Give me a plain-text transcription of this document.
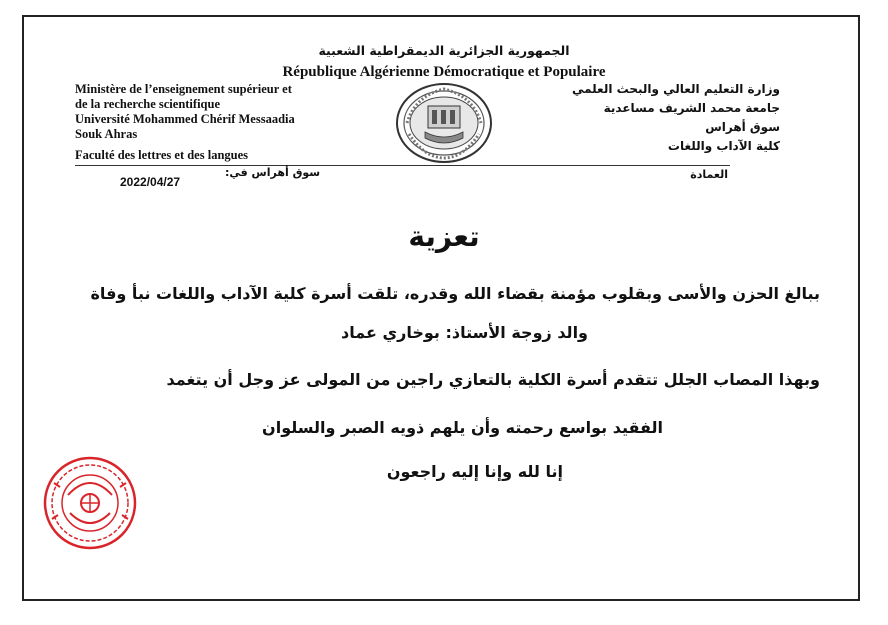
الجمهورية الجزائرية الديمقراطية الشعبية
République Algérienne Démocratique et Populaire
Ministère de l’enseignement supérieur et
de la recherche scientifique
Université Mohammed Chérif Messaadia
Souk Ahras
Faculté des lettres et des langues
وزارة التعليم العالي والبحث العلمي
جامعة محمد الشريف مساعدية
سوق أهراس
كلية الآداب واللغات
العمادة
سوق أهراس في:
2022/04/27
تعزية
ببالغ الحزن والأسى وبقلوب مؤمنة بقضاء الله وقدره، تلقت أسرة كلية الآداب واللغات نبأ وفاة
والد زوجة الأستاذ: بوخاري عماد
وبهذا المصاب الجلل تتقدم أسرة الكلية بالتعازي راجين من المولى عز وجل أن يتغمد
الفقيد بواسع رحمته وأن يلهم ذويه الصبر والسلوان
إنا لله وإنا إليه راجعون
